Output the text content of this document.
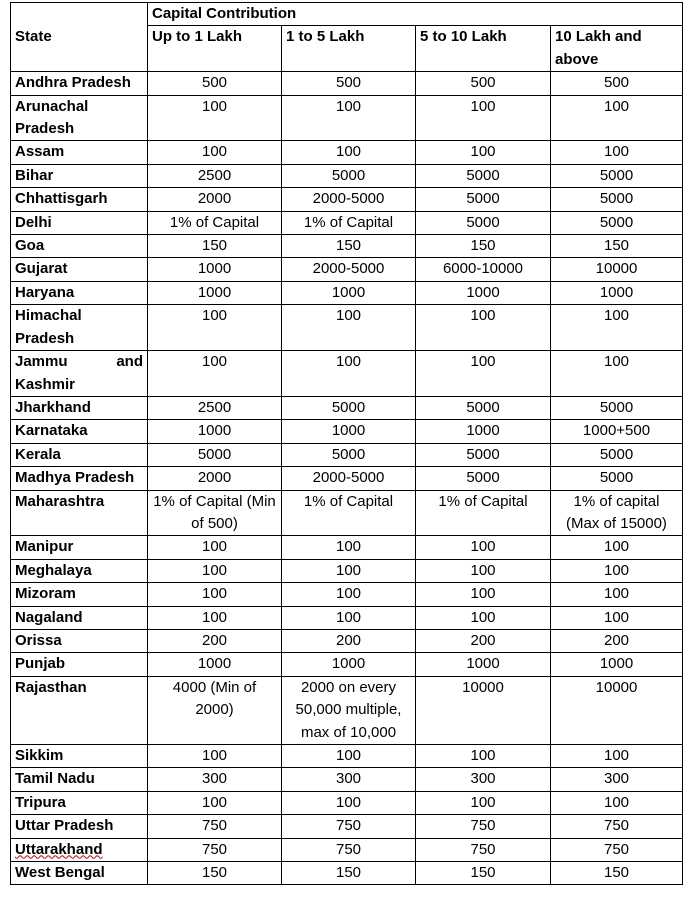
State	Capital Contribution			
	Up to 1 Lakh	1 to 5 Lakh	5 to 10 Lakh	10 Lakh and above
Andhra Pradesh	500	500	500	500
Arunachal Pradesh	100	100	100	100
Assam	100	100	100	100
Bihar	2500	5000	5000	5000
Chhattisgarh	2000	2000-5000	5000	5000
Delhi	1% of Capital	1% of Capital	5000	5000
Goa	150	150	150	150
Gujarat	1000	2000-5000	6000-10000	10000
Haryana	1000	1000	1000	1000
Himachal Pradesh	100	100	100	100
Jammu and Kashmir	100	100	100	100
Jharkhand	2500	5000	5000	5000
Karnataka	1000	1000	1000	1000+500
Kerala	5000	5000	5000	5000
Madhya Pradesh	2000	2000-5000	5000	5000
Maharashtra	1% of Capital (Min of 500)	1% of Capital	1% of Capital	1% of capital (Max of 15000)
Manipur	100	100	100	100
Meghalaya	100	100	100	100
Mizoram	100	100	100	100
Nagaland	100	100	100	100
Orissa	200	200	200	200
Punjab	1000	1000	1000	1000
Rajasthan	4000 (Min of 2000)	2000 on every 50,000 multiple, max of 10,000	10000	10000
Sikkim	100	100	100	100
Tamil Nadu	300	300	300	300
Tripura	100	100	100	100
Uttar Pradesh	750	750	750	750
Uttarakhand	750	750	750	750
West Bengal	150	150	150	150
